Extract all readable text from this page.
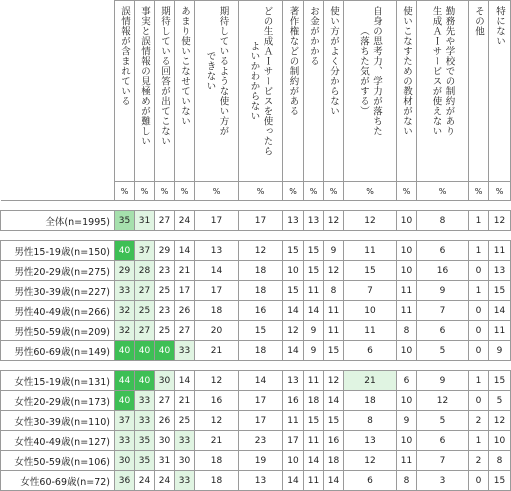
	誤情報が含まれている	事実と誤情報の見極めが難しい	期待している回答が出てこない	あまり使いこなせていない	期待しているような使い方が
できない	どの生成ＡＩサービスを使ったら
よいかわからない	著作権などの制約がある	お金がかかる	使い方がよく分からない	自身の思考力、学力が落ちた
（落ちた気がする）	使いこなすための教材がない	勤務先や学校での制約があり
生成ＡＩサービスが使えない	その他	特にない
	%	%	%	%	%	%	%	%	%	%	%	%	%	%

全体(n=1995)	35	31	27	24	17	17	13	13	12	12	10	8	1	12

男性15-19歳(n=150)	40	37	29	14	13	12	15	15	9	11	10	6	1	11
男性20-29歳(n=275)	29	28	23	21	14	18	10	15	12	15	10	16	0	13
男性30-39歳(n=227)	33	27	25	17	17	18	15	11	8	7	11	9	1	15
男性40-49歳(n=266)	32	25	23	26	18	16	14	14	11	10	11	7	0	14
男性50-59歳(n=209)	32	27	25	27	20	15	12	9	11	11	8	6	0	11
男性60-69歳(n=149)	40	40	40	33	21	18	14	9	15	6	10	5	0	9

女性15-19歳(n=131)	44	40	30	14	12	14	13	11	12	21	6	9	1	15
女性20-29歳(n=173)	40	33	27	21	16	17	16	18	14	18	10	12	0	5
女性30-39歳(n=110)	37	33	26	25	12	17	11	15	15	8	9	5	2	12
女性40-49歳(n=127)	33	35	30	33	21	23	17	11	16	13	10	6	1	10
女性50-59歳(n=106)	30	35	31	30	18	19	10	14	18	12	11	7	2	8
女性60-69歳(n=72)	36	24	24	33	18	13	14	11	14	6	8	3	0	15
